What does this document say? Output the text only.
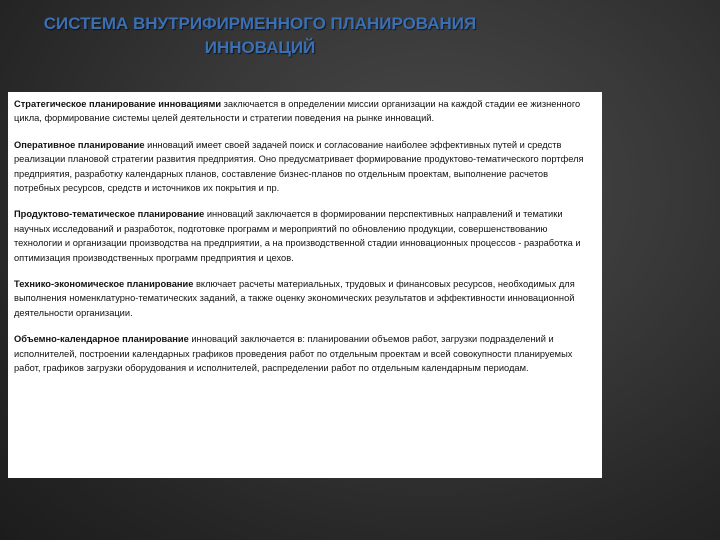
СИСТЕМА ВНУТРИФИРМЕННОГО ПЛАНИРОВАНИЯ
ИННОВАЦИЙ

Стратегическое планирование инновациями заключается в определении миссии организации на каждой стадии ее жизненного цикла, формирование системы целей деятельности и стратегии поведения на рынке инноваций.

Оперативное планирование инноваций имеет своей задачей поиск и согласование наиболее эффективных путей и средств реализации плановой стратегии развития предприятия. Оно предусматривает формирование продуктово-тематического портфеля предприятия, разработку календарных планов, составление бизнес-планов по отдельным проектам, выполнение расчетов потребных ресурсов, средств и источников их покрытия и пр.

Продуктово-тематическое планирование инноваций заключается в формировании перспективных направлений и тематики научных исследований и разработок, подготовке программ и мероприятий по обновлению продукции, совершенствованию технологии и организации производства на предприятии, а на производственной стадии инновационных процессов - разработка и оптимизация производственных программ предприятия и цехов.

Технико-экономическое планирование включает расчеты материальных, трудовых и финансовых ресурсов, необходимых для выполнения номенклатурно-тематических заданий, а также оценку экономических результатов и эффективности инновационной деятельности организации.

Объемно-календарное планирование инноваций заключается в: планировании объемов работ, загрузки подразделений и исполнителей, построении календарных графиков проведения работ по отдельным проектам и всей совокупности планируемых работ, графиков загрузки оборудования и исполнителей, распределении работ по отдельным календарным периодам.
